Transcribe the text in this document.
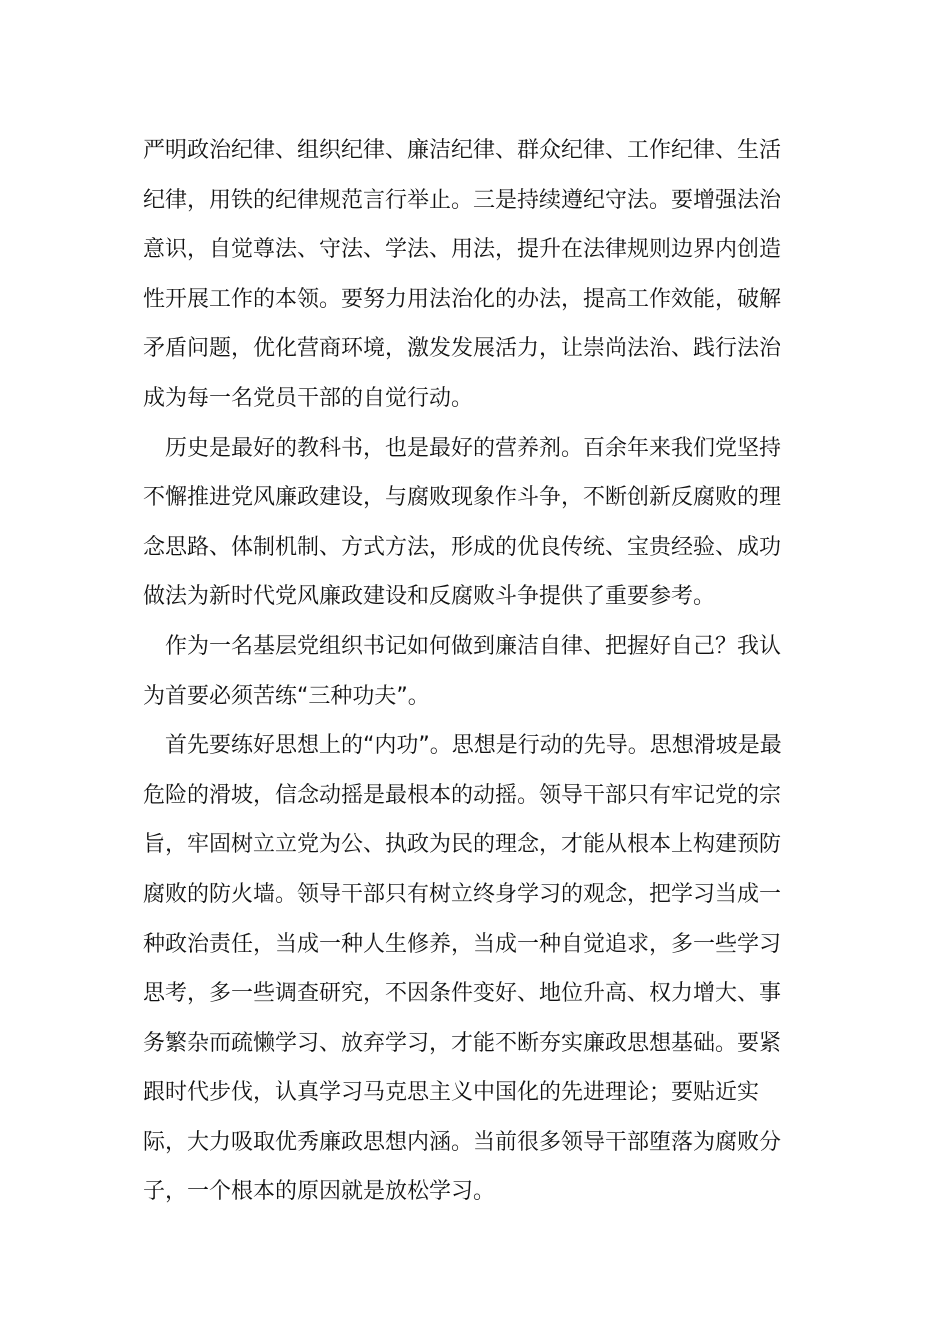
严明政治纪律、组织纪律、廉洁纪律、群众纪律、工作纪律、生活
纪律，用铁的纪律规范言行举止。三是持续遵纪守法。要增强法治
意识，自觉尊法、守法、学法、用法，提升在法律规则边界内创造
性开展工作的本领。要努力用法治化的办法，提高工作效能，破解
矛盾问题，优化营商环境，激发发展活力，让崇尚法治、践行法治
成为每一名党员干部的自觉行动。
　历史是最好的教科书，也是最好的营养剂。百余年来我们党坚持
不懈推进党风廉政建设，与腐败现象作斗争，不断创新反腐败的理
念思路、体制机制、方式方法，形成的优良传统、宝贵经验、成功
做法为新时代党风廉政建设和反腐败斗争提供了重要参考。
　作为一名基层党组织书记如何做到廉洁自律、把握好自己？我认
为首要必须苦练“三种功夫”。
　首先要练好思想上的“内功”。思想是行动的先导。思想滑坡是最
危险的滑坡，信念动摇是最根本的动摇。领导干部只有牢记党的宗
旨，牢固树立立党为公、执政为民的理念，才能从根本上构建预防
腐败的防火墙。领导干部只有树立终身学习的观念，把学习当成一
种政治责任，当成一种人生修养，当成一种自觉追求，多一些学习
思考，多一些调查研究，不因条件变好、地位升高、权力增大、事
务繁杂而疏懒学习、放弃学习，才能不断夯实廉政思想基础。要紧
跟时代步伐，认真学习马克思主义中国化的先进理论；要贴近实
际，大力吸取优秀廉政思想内涵。当前很多领导干部堕落为腐败分
子，一个根本的原因就是放松学习。
